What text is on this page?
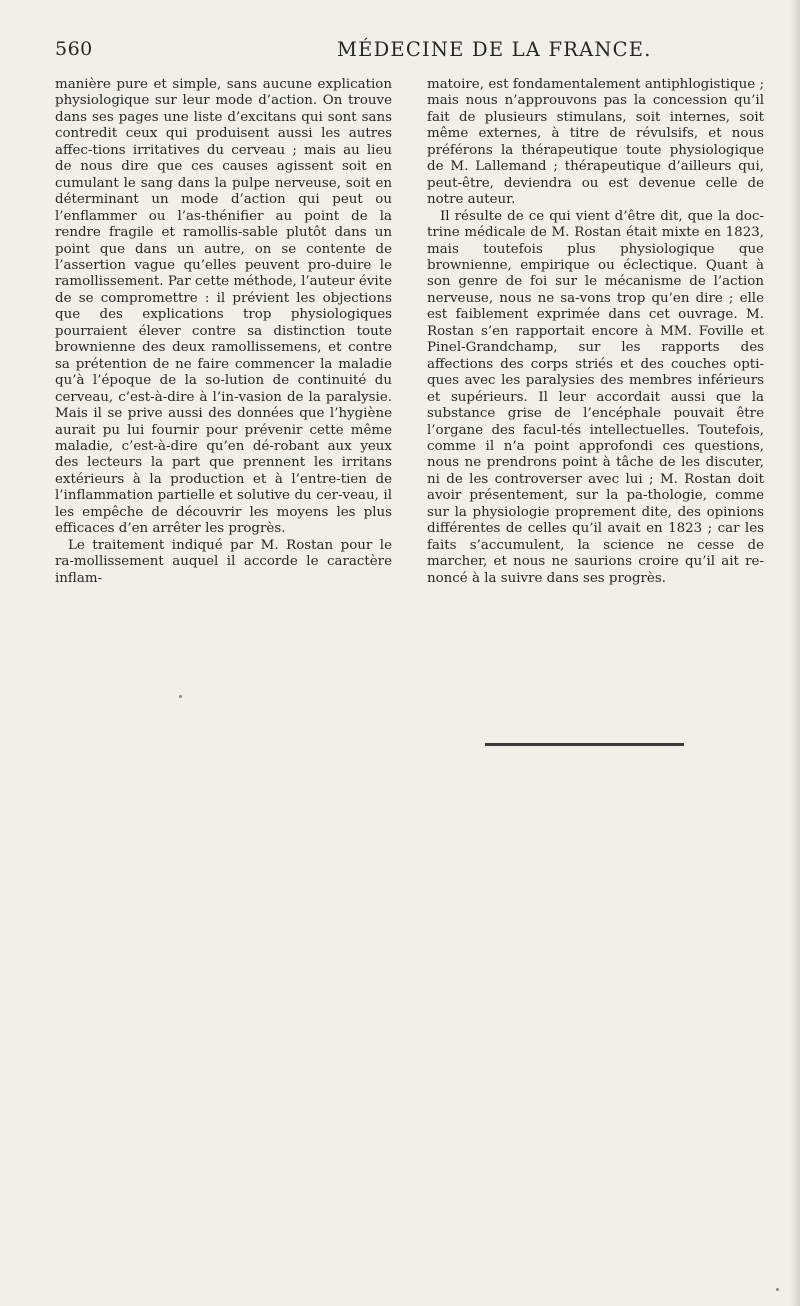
560	MÉDECINE DE LA FRANCE.

manière pure et simple, sans aucune explication physiologique sur leur mode d’action. On trouve dans ses pages une liste d’excitans qui sont sans contredit ceux qui produisent aussi les autres affec-tions irritatives du cerveau ; mais au lieu de nous dire que ces causes agissent soit en cumulant le sang dans la pulpe nerveuse, soit en déterminant un mode d’action qui peut ou l’enflammer ou l’as-thénifier au point de la rendre fragile et ramollis-sable plutôt dans un point que dans un autre, on se contente de l’assertion vague qu’elles peuvent pro-duire le ramollissement. Par cette méthode, l’auteur évite de se compromettre : il prévient les objections que des explications trop physiologiques pourraient élever contre sa distinction toute brownienne des deux ramollissemens, et contre sa prétention de ne faire commencer la maladie qu’à l’époque de la so-lution de continuité du cerveau, c’est-à-dire à l’in-vasion de la paralysie. Mais il se prive aussi des données que l’hygiène aurait pu lui fournir pour prévenir cette même maladie, c’est-à-dire qu’en dé-robant aux yeux des lecteurs la part que prennent les irritans extérieurs à la production et à l’entre-tien de l’inflammation partielle et solutive du cer-veau, il les empêche de découvrir les moyens les plus efficaces d’en arrêter les progrès.

Le traitement indiqué par M. Rostan pour le ra-mollissement auquel il accorde le caractère inflam-

matoire, est fondamentalement antiphlogistique ; mais nous n’approuvons pas la concession qu’il fait de plusieurs stimulans, soit internes, soit même externes, à titre de révulsifs, et nous préférons la thérapeutique toute physiologique de M. Lallemand ; thérapeutique d’ailleurs qui, peut-être, deviendra ou est devenue celle de notre auteur.

Il résulte de ce qui vient d’être dit, que la doc-trine médicale de M. Rostan était mixte en 1823, mais toutefois plus physiologique que brownienne, empirique ou éclectique. Quant à son genre de foi sur le mécanisme de l’action nerveuse, nous ne sa-vons trop qu’en dire ; elle est faiblement exprimée dans cet ouvrage. M. Rostan s’en rapportait encore à MM. Foville et Pinel-Grandchamp, sur les rapports des affections des corps striés et des couches opti-ques avec les paralysies des membres inférieurs et supérieurs. Il leur accordait aussi que la substance grise de l’encéphale pouvait être l’organe des facul-tés intellectuelles. Toutefois, comme il n’a point approfondi ces questions, nous ne prendrons point à tâche de les discuter, ni de les controverser avec lui ; M. Rostan doit avoir présentement, sur la pa-thologie, comme sur la physiologie proprement dite, des opinions différentes de celles qu’il avait en 1823 ; car les faits s’accumulent, la science ne cesse de marcher, et nous ne saurions croire qu’il ait re-noncé à la suivre dans ses progrès.
